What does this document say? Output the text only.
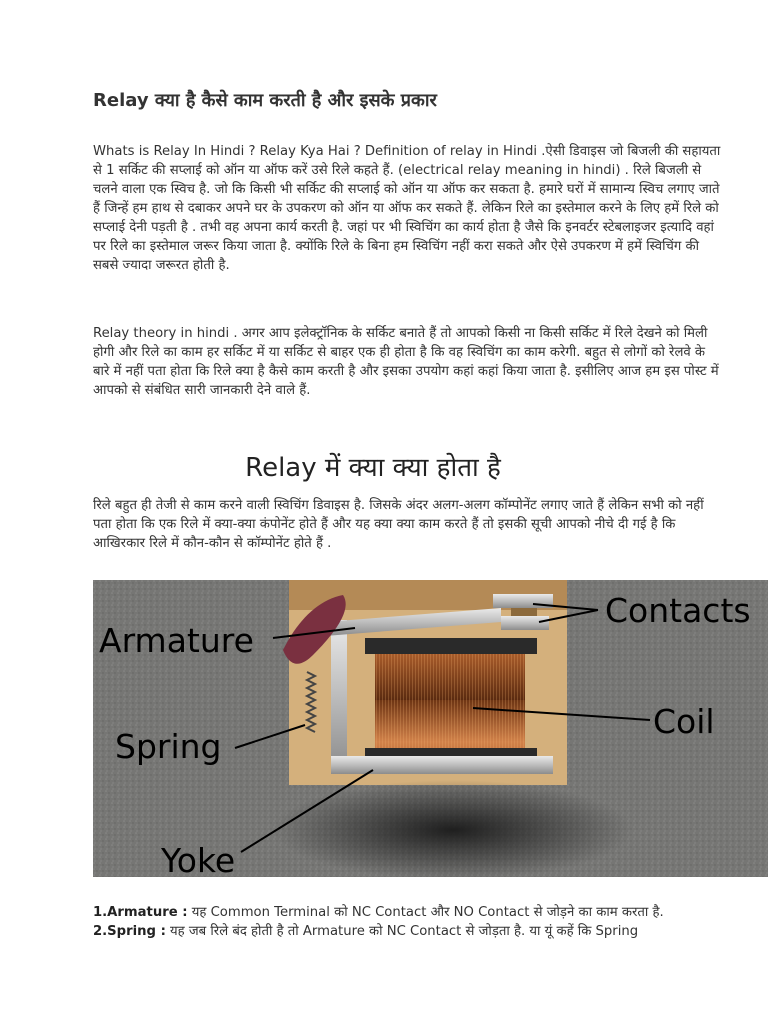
Relay क्या है कैसे काम करती है और इसके प्रकार

Whats is Relay In Hindi ? Relay Kya Hai ? Definition of relay in Hindi .ऐसी डिवाइस जो बिजली की सहायता से 1 सर्किट की सप्लाई को ऑन या ऑफ करें उसे रिले कहते हैं. (electrical relay meaning in hindi) . रिले बिजली से चलने वाला एक स्विच है. जो कि किसी भी सर्किट की सप्लाई को ऑन या ऑफ कर सकता है. हमारे घरों में सामान्य स्विच लगाए जाते हैं जिन्हें हम हाथ से दबाकर अपने घर के उपकरण को ऑन या ऑफ कर सकते हैं. लेकिन रिले का इस्तेमाल करने के लिए हमें रिले को सप्लाई देनी पड़ती है . तभी वह अपना कार्य करती है. जहां पर भी स्विचिंग का कार्य होता है जैसे कि इनवर्टर स्टेबलाइजर इत्यादि वहां पर रिले का इस्तेमाल जरूर किया जाता है. क्योंकि रिले के बिना हम स्विचिंग नहीं करा सकते और ऐसे उपकरण में हमें स्विचिंग की सबसे ज्यादा जरूरत होती है.

Relay theory in hindi . अगर आप इलेक्ट्रॉनिक के सर्किट बनाते हैं तो आपको किसी ना किसी सर्किट में रिले देखने को मिली होगी और रिले का काम हर सर्किट में या सर्किट से बाहर एक ही होता है कि वह स्विचिंग का काम करेगी. बहुत से लोगों को रेलवे के बारे में नहीं पता होता कि रिले क्या है कैसे काम करती है और इसका उपयोग कहां कहां किया जाता है. इसीलिए आज हम इस पोस्ट में आपको से संबंधित सारी जानकारी देने वाले हैं.

Relay में क्या क्या होता है

रिले बहुत ही तेजी से काम करने वाली स्विचिंग डिवाइस है. जिसके अंदर अलग-अलग कॉम्पोनेंट लगाए जाते हैं लेकिन सभी को नहीं पता होता कि एक रिले में क्या-क्या कंपोनेंट होते हैं और यह क्या क्या काम करते हैं तो इसकी सूची आपको नीचे दी गई है कि आखिरकार रिले में कौन-कौन से कॉम्पोनेंट होते हैं .

Armature
Contacts
Spring
Coil
Yoke
1.Armature : यह Common Terminal को NC Contact और NO Contact से जोड़ने का काम करता है.
2.Spring : यह जब रिले बंद होती है तो Armature को NC Contact से जोड़ता है. या यूं कहें कि Spring
